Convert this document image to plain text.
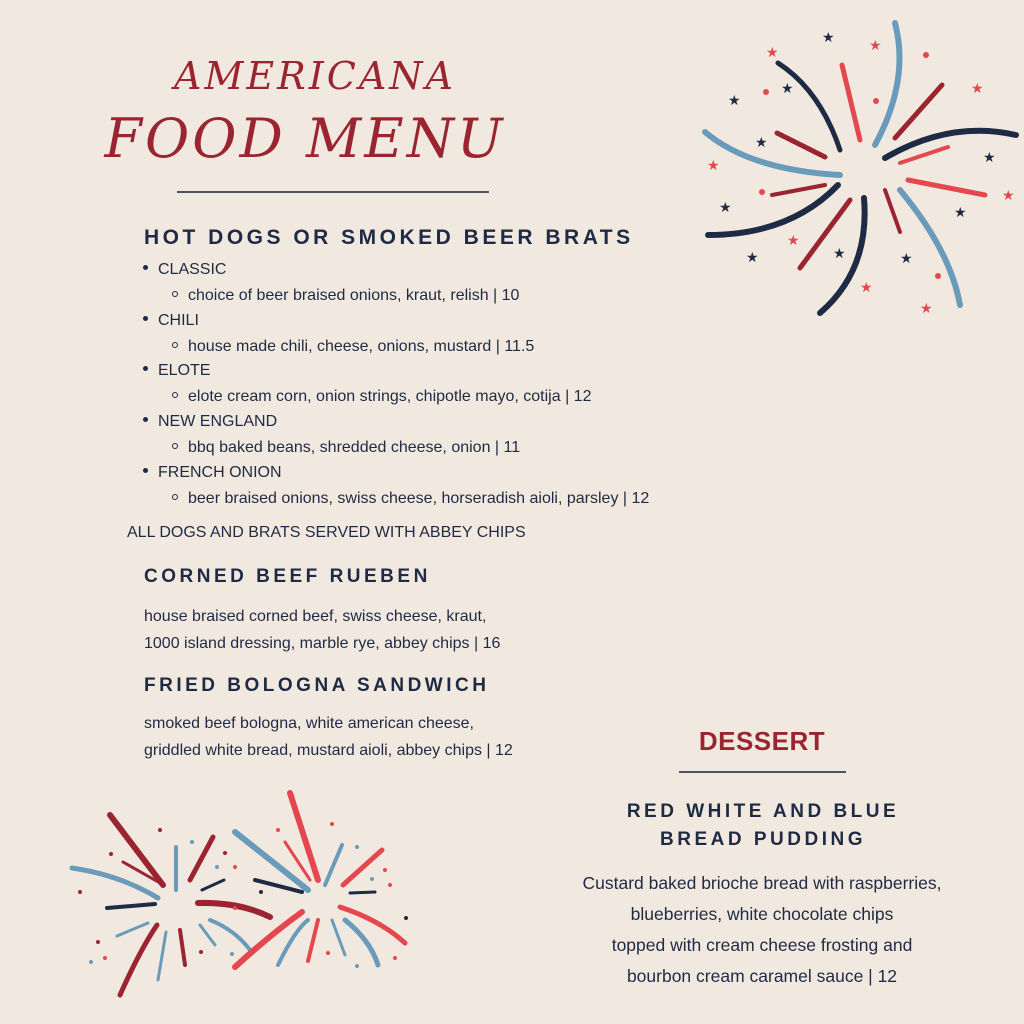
americana
FOOD MENU
HOT DOGS OR SMOKED BEER BRATS
CLASSIC
choice of beer braised onions, kraut, relish | 10
CHILI
house made chili, cheese, onions, mustard | 11.5
ELOTE
elote cream corn, onion strings, chipotle mayo, cotija | 12
NEW ENGLAND
bbq baked beans, shredded cheese, onion | 11
FRENCH ONION
beer braised onions, swiss cheese, horseradish aioli, parsley | 12
ALL DOGS AND BRATS SERVED WITH ABBEY CHIPS
CORNED BEEF RUEBEN
house braised corned beef, swiss cheese, kraut,
1000 island dressing, marble rye, abbey chips | 16
FRIED BOLOGNA SANDWICH
smoked beef bologna, white american cheese,
griddled white bread, mustard aioli, abbey chips | 12	DESSERT
RED WHITE AND BLUE
BREAD PUDDING
Custard baked brioche bread with raspberries,
blueberries, white chocolate chips
topped with cream cheese frosting and
bourbon cream caramel sauce | 12
★
★
★
★
★
★	★
★	★	★
★
★
★
★
★
★
★
★
